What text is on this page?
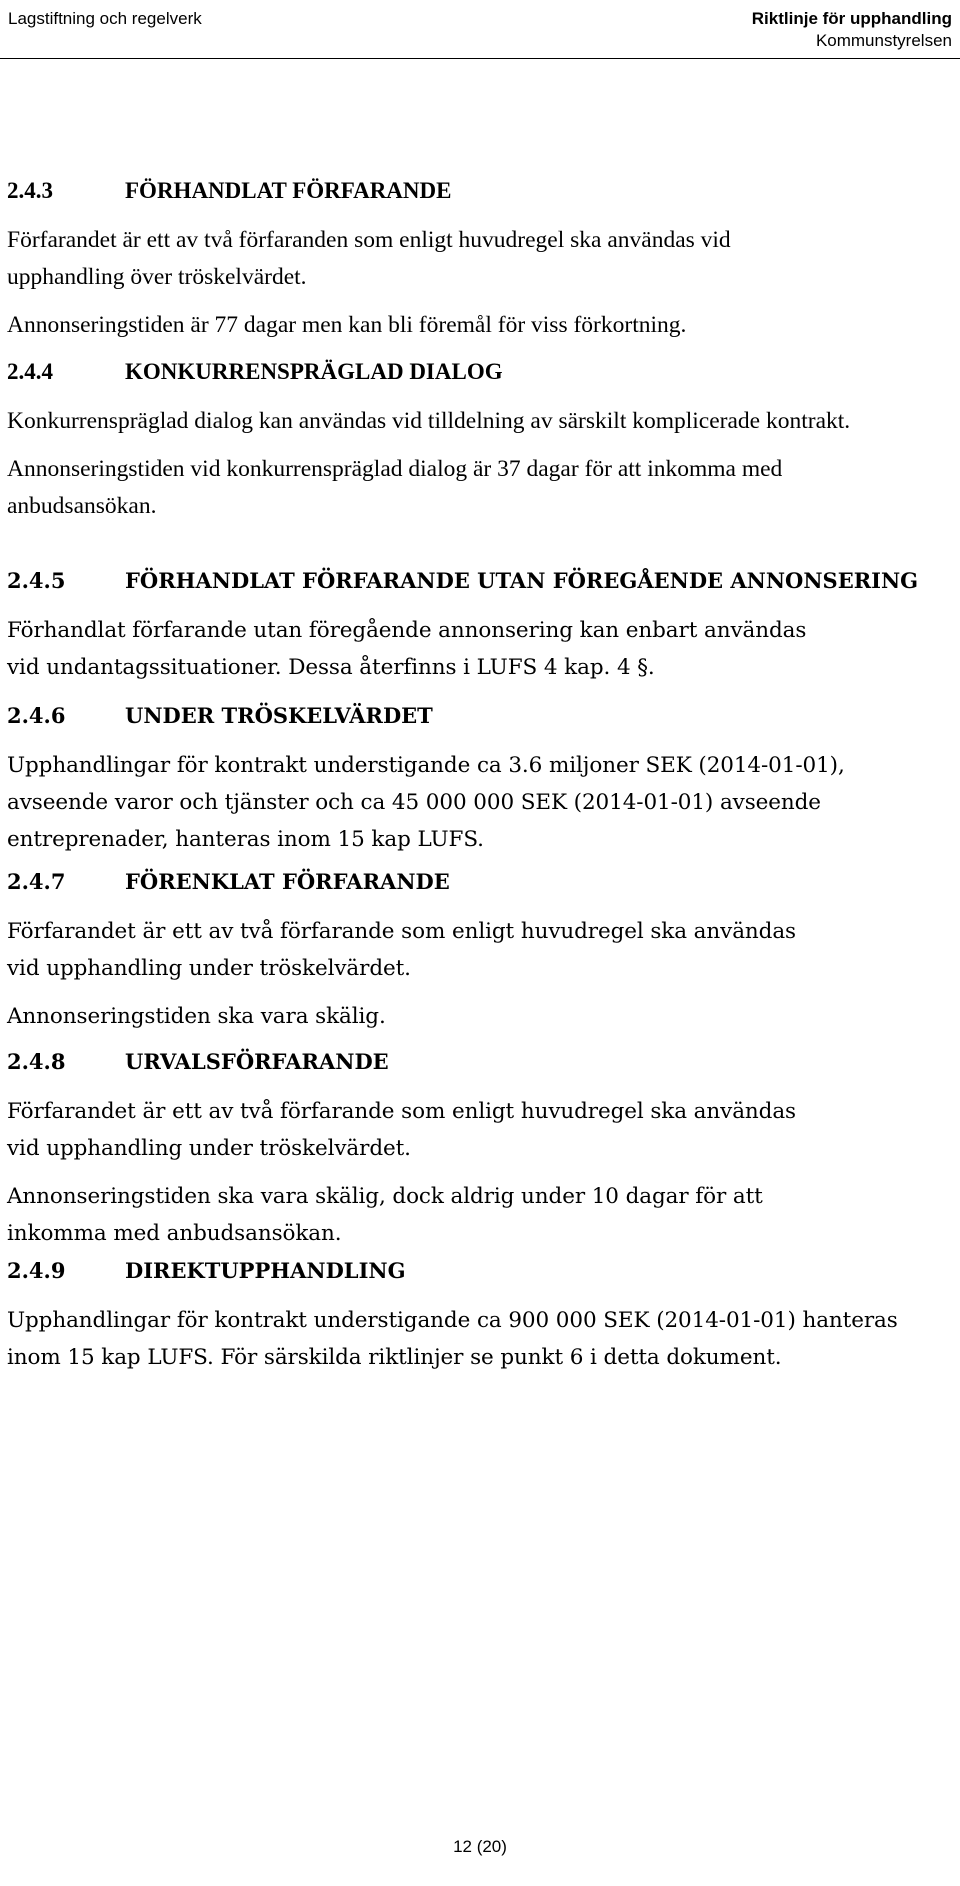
Lagstiftning och regelverk	Riktlinje för upphandling
Kommunstyrelsen
2.4.3	FÖRHANDLAT FÖRFARANDE

Förfarandet är ett av två förfaranden som enligt huvudregel ska användas vid upphandling över tröskelvärdet.

Annonseringstiden är 77 dagar men kan bli föremål för viss förkortning.

2.4.4	KONKURRENSPRÄGLAD DIALOG

Konkurrenspräglad dialog kan användas vid tilldelning av särskilt komplicerade kontrakt.

Annonseringstiden vid konkurrenspräglad dialog är 37 dagar för att inkomma med anbudsansökan.

2.4.5	FÖRHANDLAT FÖRFARANDE UTAN FÖREGÅENDE ANNONSERING

Förhandlat förfarande utan föregående annonsering kan enbart användas vid undantagssituationer. Dessa återfinns i LUFS 4 kap. 4 §.

2.4.6	UNDER TRÖSKELVÄRDET

Upphandlingar för kontrakt understigande ca 3.6 miljoner SEK (2014-01-01), avseende varor och tjänster och ca 45 000 000 SEK (2014-01-01) avseende entreprenader, hanteras inom 15 kap LUFS.

2.4.7	FÖRENKLAT FÖRFARANDE

Förfarandet är ett av två förfarande som enligt huvudregel ska användas vid upphandling under tröskelvärdet.

Annonseringstiden ska vara skälig.

2.4.8	URVALSFÖRFARANDE

Förfarandet är ett av två förfarande som enligt huvudregel ska användas vid upphandling under tröskelvärdet.

Annonseringstiden ska vara skälig, dock aldrig under 10 dagar för att inkomma med anbudsansökan.

2.4.9	DIREKTUPPHANDLING

Upphandlingar för kontrakt understigande ca 900 000 SEK (2014-01-01) hanteras inom 15 kap LUFS. För särskilda riktlinjer se punkt 6 i detta dokument.

12 (20)
